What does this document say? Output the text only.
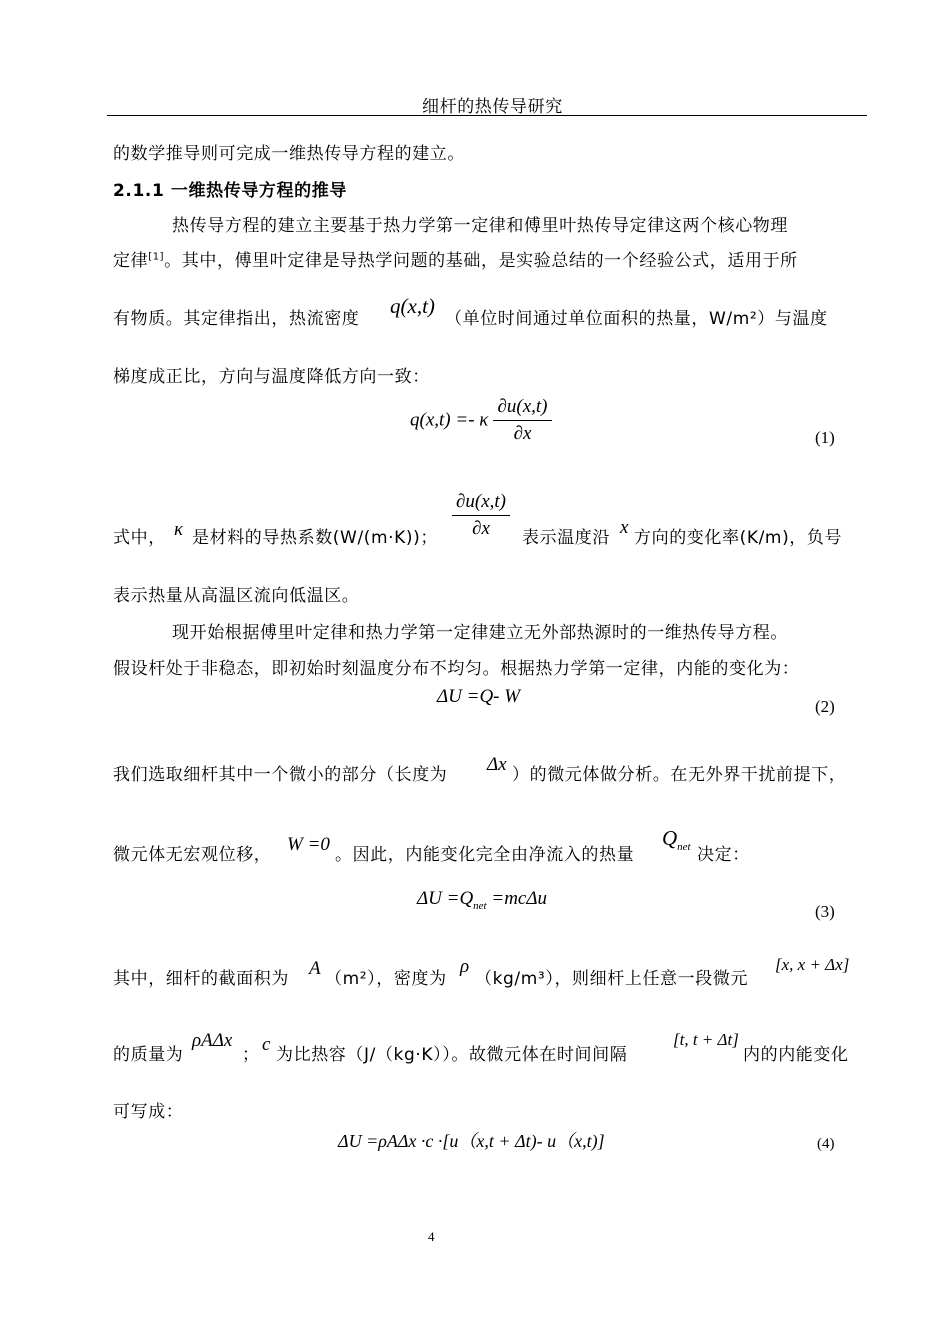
细杆的热传导研究
的数学推导则可完成一维热传导方程的建立。
2.1.1 一维热传导方程的推导
热传导方程的建立主要基于热力学第一定律和傅里叶热传导定律这两个核心物理
定律[1]。其中，傅里叶定律是导热学问题的基础，是实验总结的一个经验公式，适用于所
有物质。其定律指出，热流密度
q(x,t)
（单位时间通过单位面积的热量，W/m²）与温度
梯度成正比，方向与温度降低方向一致：
q(x,t) =- κ $\frac{\partial u(x,t)}{\partial x}$	(1)
式中， κ 是材料的导热系数(W/(m·K))； $\frac{\partial u(x,t)}{\partial x}$ 表示温度沿 x 方向的变化率(K/m)，负号
表示热量从高温区流向低温区。
现开始根据傅里叶定律和热力学第一定律建立无外部热源时的一维热传导方程。
假设杆处于非稳态，即初始时刻温度分布不均匀。根据热力学第一定律，内能的变化为：
ΔU =Q- W	(2)
我们选取细杆其中一个微小的部分（长度为 Δx ）的微元体做分析。在无外界干扰前提下，
微元体无宏观位移， W =0 。因此，内能变化完全由净流入的热量
$Q_{net}$ 决定：
$\Delta U =Q_{net} =mc\Delta u$
(3)
其中，细杆的截面积为 A （m²），密度为
ρ
（kg/m³），则细杆上任意一段微元
[x, x + Δx]
的质量为
ρAΔx
； c 为比热容（J/（kg·K））。故微元体在时间间隔
[t, t + Δt]
内的内能变化
可写成：
ΔU =ρAΔx ·c ·[u（x,t + Δt)- u（x,t)]	(4)
4
